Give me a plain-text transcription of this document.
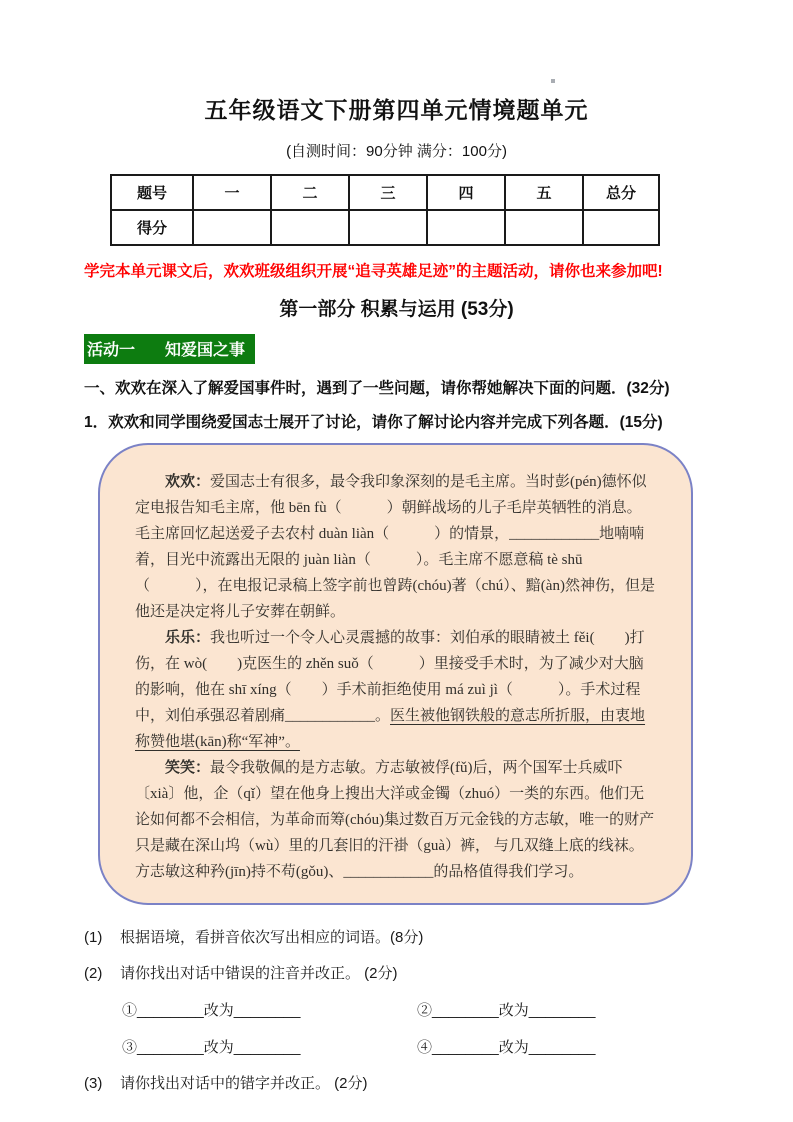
五年级语文下册第四单元情境题单元
(自测时间：90分钟 满分：100分)
题号	一	二	三	四	五	总分
得分						
学完本单元课文后，欢欢班级组织开展“追寻英雄足迹”的主题活动，请你也来参加吧!
第一部分 积累与运用 (53分)
活动一 知爱国之事
一、欢欢在深入了解爱国事件时，遇到了一些问题，请你帮她解决下面的问题．(32分)
1．欢欢和同学围绕爱国志士展开了讨论，请你了解讨论内容并完成下列各题．(15分)

欢欢：爱国志士有很多，最令我印象深刻的是毛主席。当时彭(pén)德怀似定电报告知毛主席，他 bēn fù（　　　）朝鲜战场的儿子毛岸英牺牲的消息。毛主席回忆起送爱子去农村 duàn liàn（　　　）的情景，____________地喃喃着，目光中流露出无限的 juàn liàn（　　　）。毛主席不愿意稿 tè shū（　　　），在电报记录稿上签字前也曾踌(chóu)著（chú）、黯(àn)然神伤，但是他还是决定将儿子安葬在朝鲜。

乐乐：我也听过一个令人心灵震撼的故事：刘伯承的眼睛被土 fěi(　　)打伤，在 wò(　　)克医生的 zhěn suǒ（　　　）里接受手术时，为了减少对大脑的影响，他在 shī xíng（　　）手术前拒绝使用 má zuì jì（　　　）。手术过程中，刘伯承强忍着剧痛____________。医生被他钢铁般的意志所折服，由衷地称赞他堪(kān)称“军神”。

笑笑：最令我敬佩的是方志敏。方志敏被俘(fǔ)后，两个国军士兵威吓〔xià〕他，企（qǐ）望在他身上搜出大洋或金镯（zhuó）一类的东西。他们无论如何都不会相信，为革命而筹(chóu)集过数百万元金钱的方志敏，唯一的财产只是藏在深山坞（wù）里的几套旧的汗褂（guà）裤， 与几双缝上底的线袜。方志敏这种矜(jīn)持不苟(gǒu)、____________的品格值得我们学习。

(1)	根据语境，看拼音依次写出相应的词语。(8分)
(2)	请你找出对话中错误的注音并改正。 (2分)
①________改为________	②________改为________
③________改为________	④________改为________
(3)	请你找出对话中的错字并改正。 (2分)
